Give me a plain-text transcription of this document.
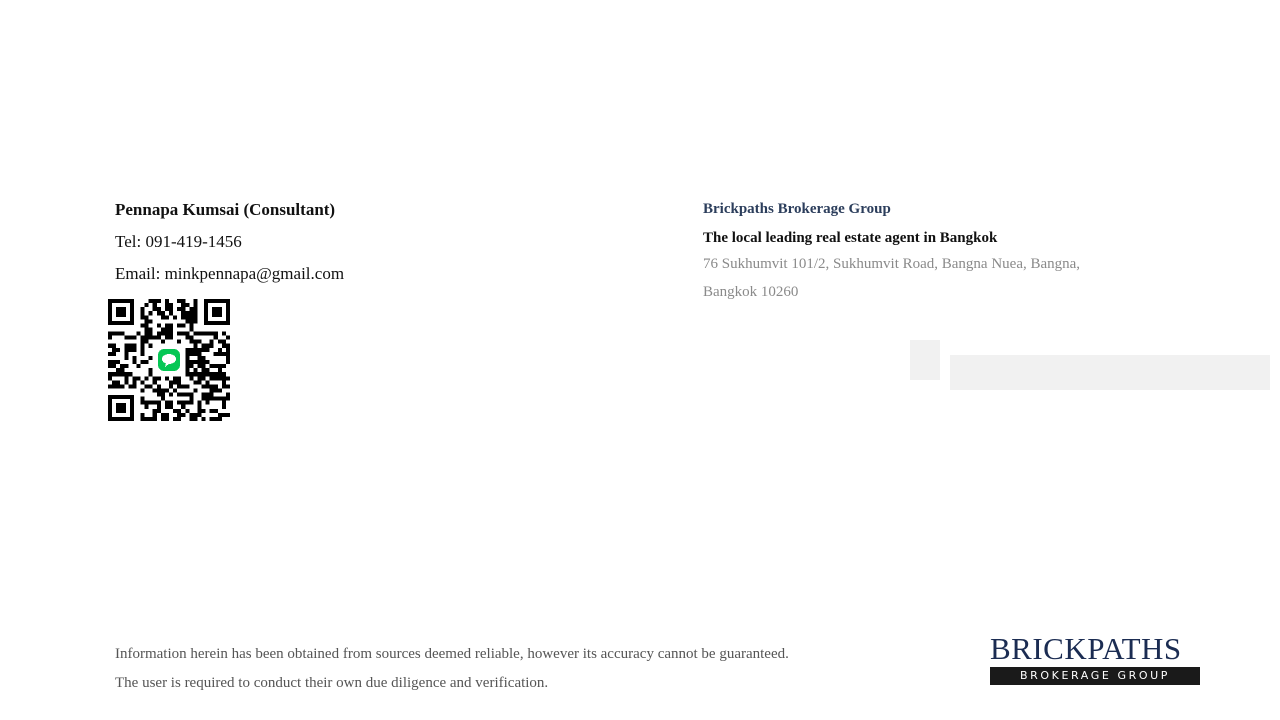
Pennapa Kumsai (Consultant)
Tel: 091-419-1456
Email: minkpennapa@gmail.com
Brickpaths Brokerage Group
The local leading real estate agent in Bangkok
76 Sukhumvit 101/2, Sukhumvit Road, Bangna Nuea, Bangna,
Bangkok 10260
Information herein has been obtained from sources deemed reliable, however its accuracy cannot be guaranteed.
The user is required to conduct their own due diligence and verification.
BRICKPATHS
BROKERAGE GROUP
